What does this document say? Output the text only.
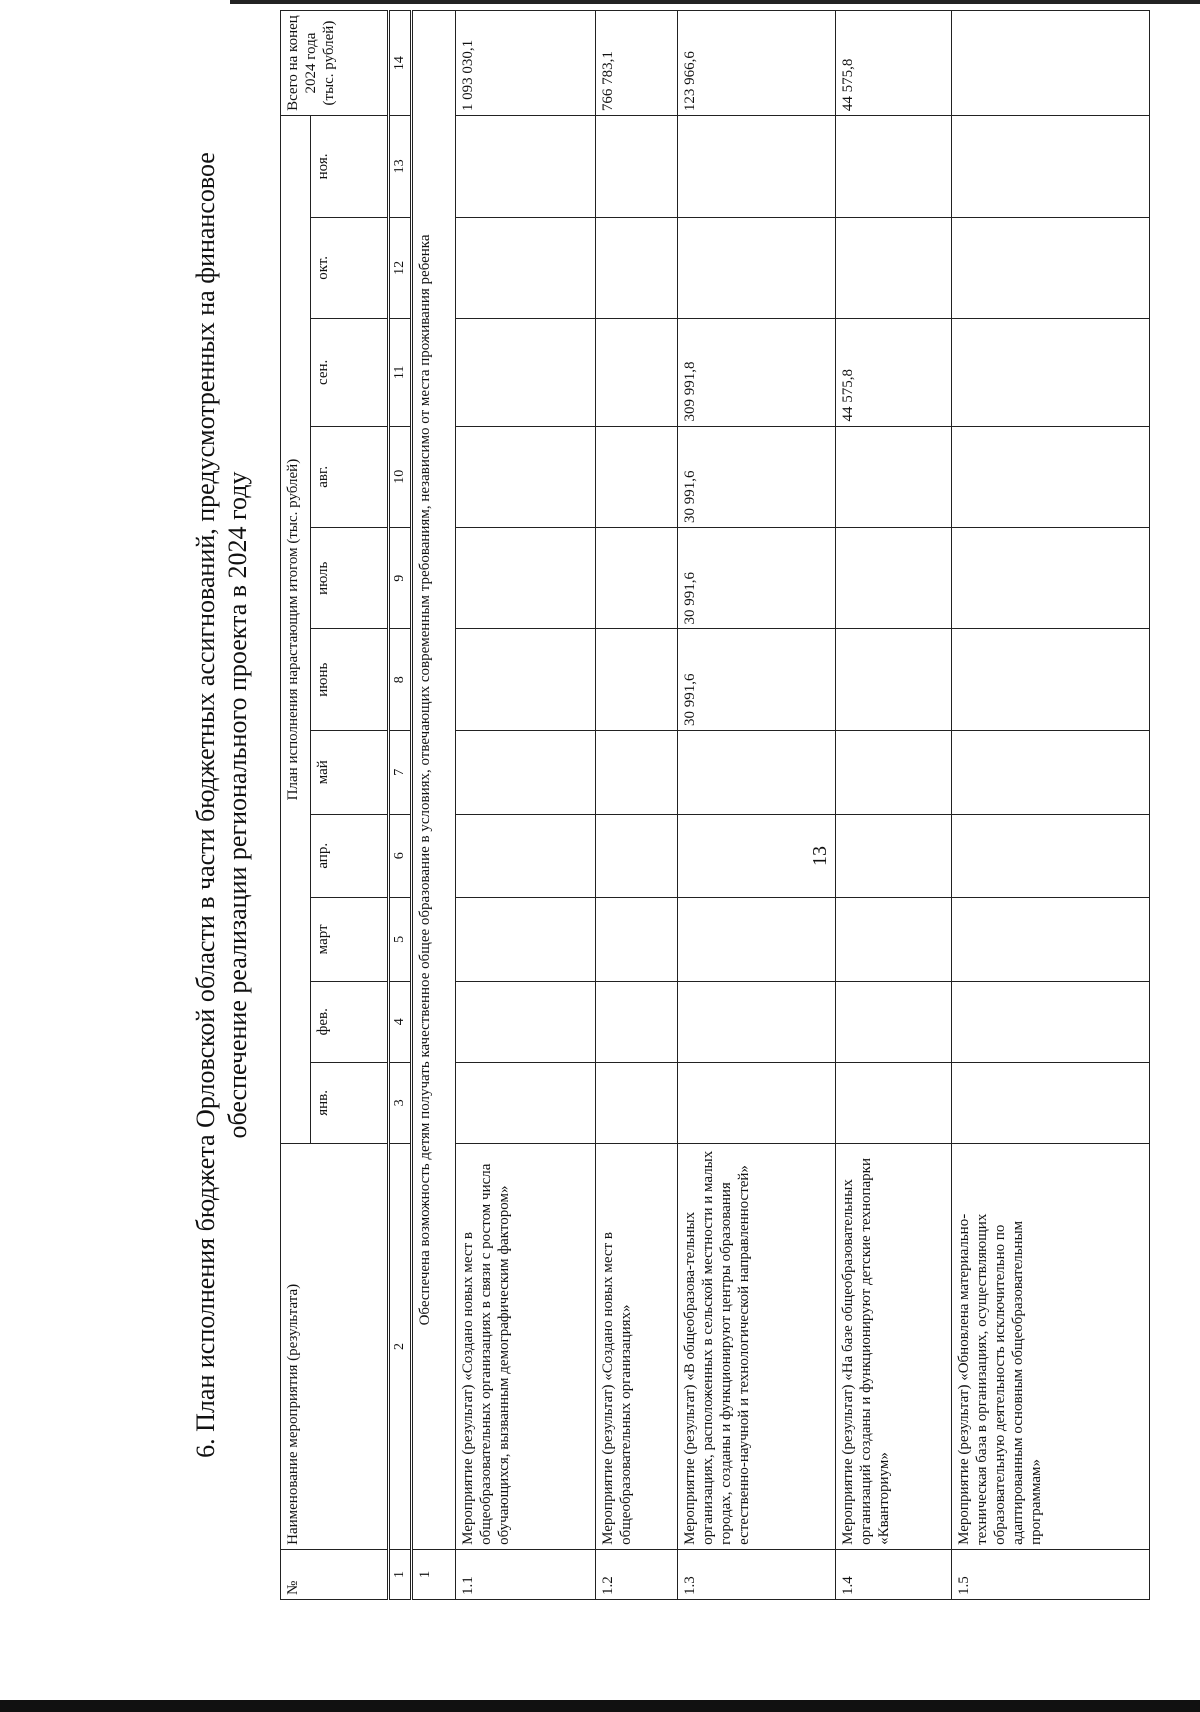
13
6. План исполнения бюджета Орловской области в части бюджетных ассигнований, предусмотренных на финансовое обеспечение реализации регионального проекта в 2024 году
№	Наименование мероприятия (результата)	План исполнения нарастающим итогом (тыс. рублей)											Всего на конец 2024 года (тыс. рублей)
		янв.	фев.	март	апр.	май	июнь	июль	авг.	сен.	окт.	ноя.	
1	2	3	4	5	6	7	8	9	10	11	12	13	14
1	Обеспечена возможность детям получать качественное общее образование в условиях, отвечающих современным требованиям, независимо от места проживания ребенка												
1.1	Мероприятие (результат) «Создано новых мест в общеобразовательных организациях в связи с ростом числа обучающихся, вызванным демографическим фактором»												1 093 030,1
1.2	Мероприятие (результат) «Создано новых мест в общеобразовательных организациях»												766 783,1
1.3	Мероприятие (результат) «В общеобразова-тельных организациях, расположенных в сельской местности и малых городах, созданы и функционируют центры образования естественно-научной и технологической направленностей»						30 991,6	30 991,6	30 991,6	309 991,8			123 966,6
1.4	Мероприятие (результат) «На базе общеобразовательных организаций созданы и функционируют детские технопарки «Кванториум»									44 575,8			44 575,8
1.5	Мероприятие (результат) «Обновлена материально-техническая база в организациях, осуществляющих образовательную деятельность исключительно по адаптированным основным общеобразовательным программам»												
